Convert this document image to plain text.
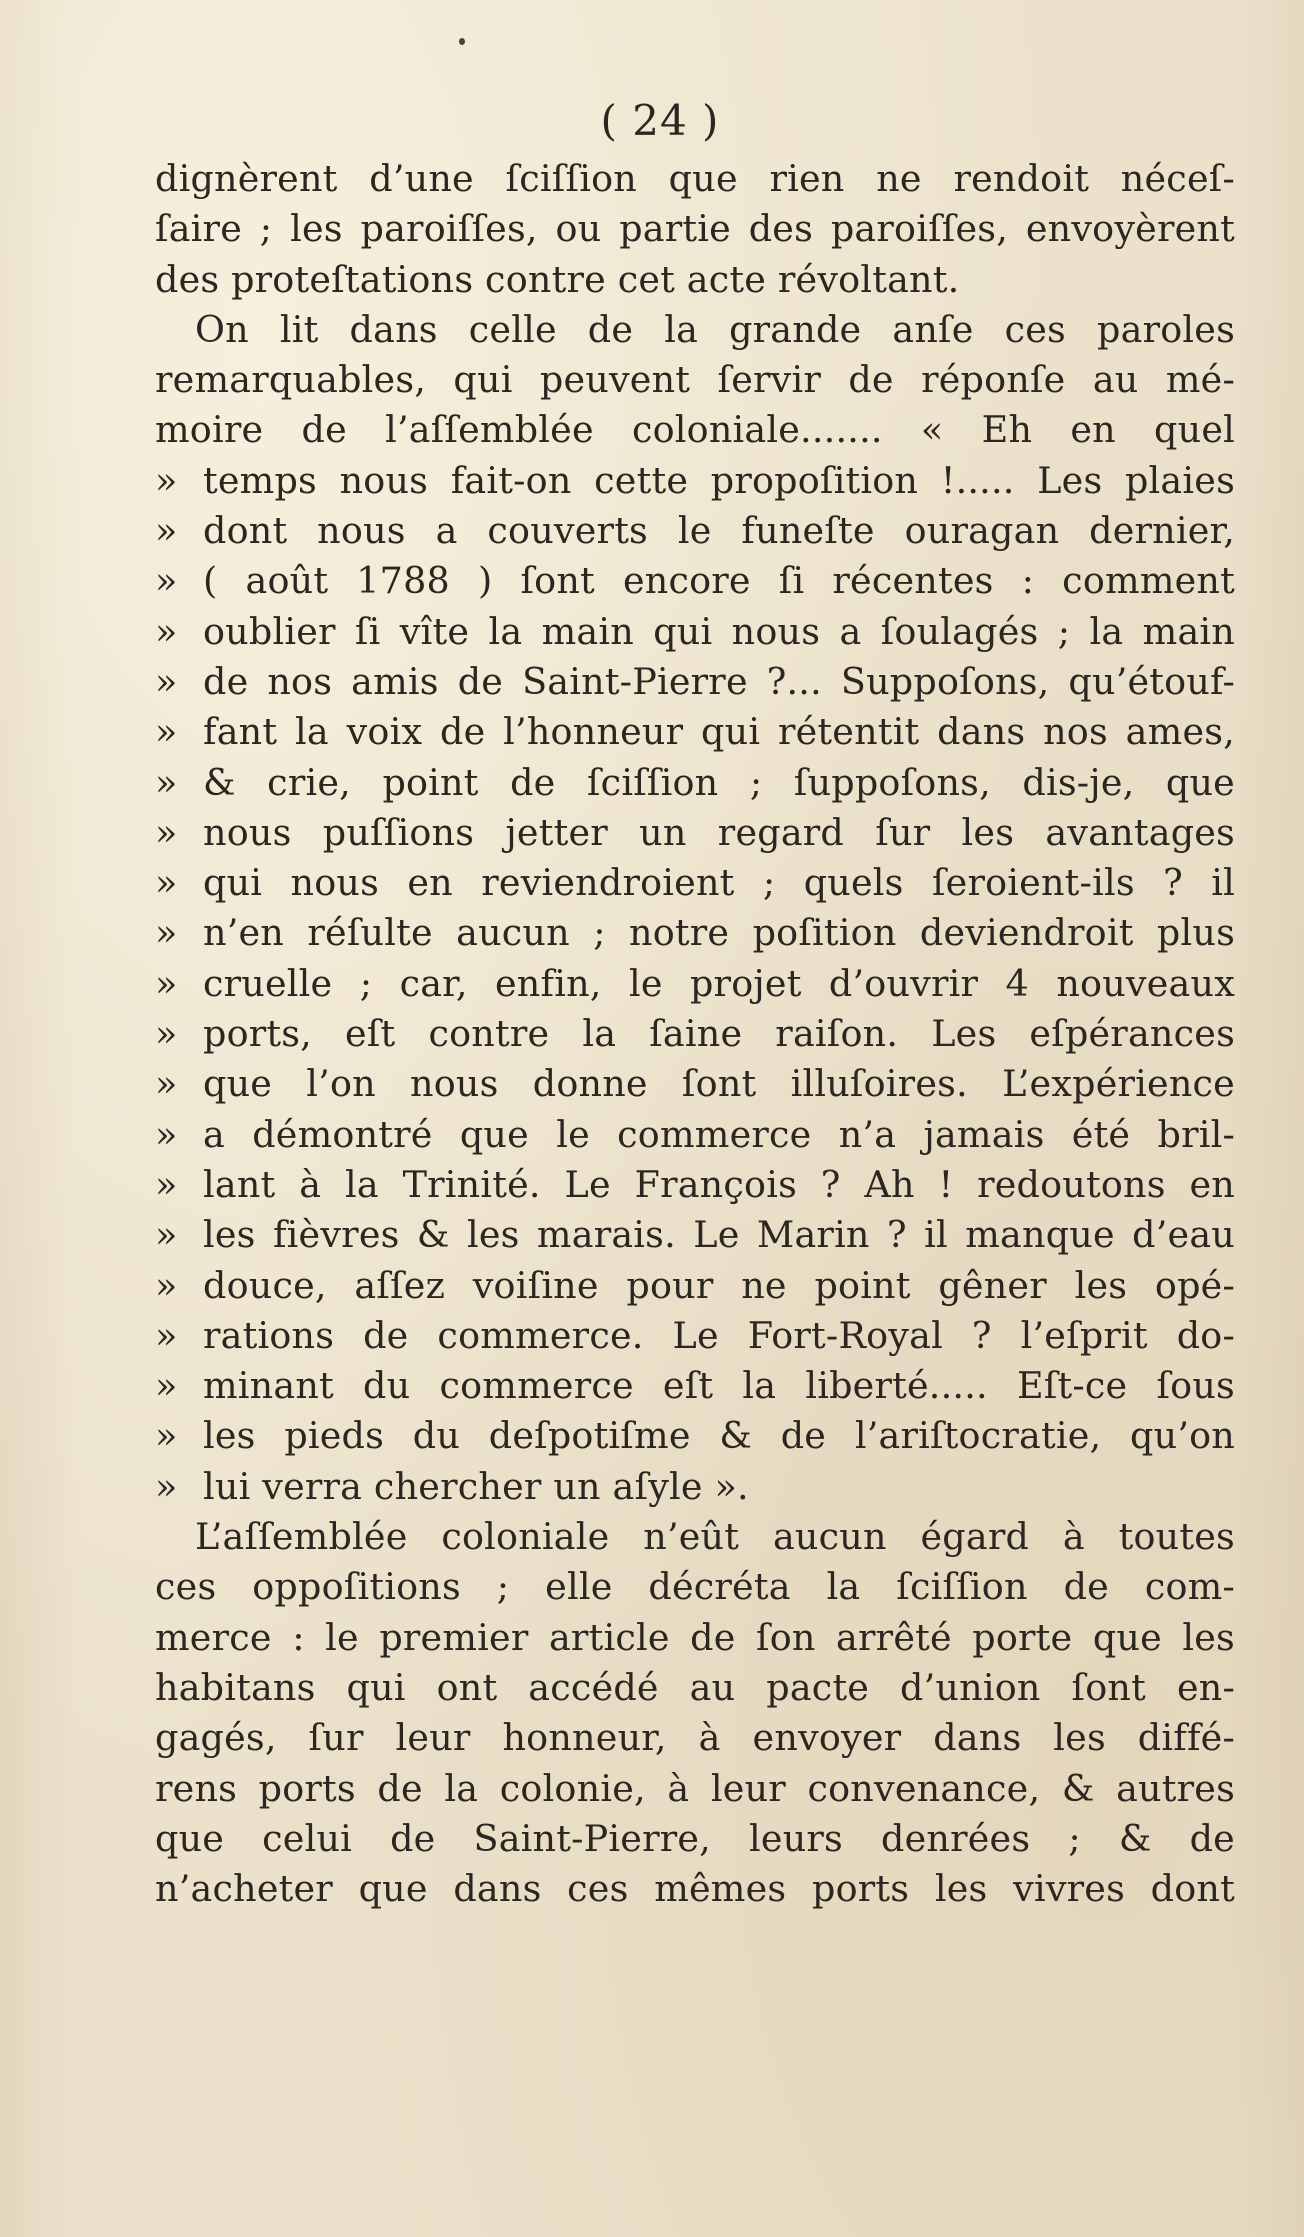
( 24 )
dignèrent d’une ſciſſion que rien ne rendoit néceſ-
ſaire ; les paroiſſes, ou partie des paroiſſes, envoyèrent
des proteſtations contre cet acte révoltant.
On lit dans celle de la grande anſe ces paroles
remarquables, qui peuvent ſervir de réponſe au mé-
moire de l’aſſemblée coloniale....... « Eh en quel
» temps nous fait-on cette propoſition !..... Les plaies
» dont nous a couverts le funeſte ouragan dernier,
» ( août 1788 ) ſont encore ſi récentes : comment
» oublier ſi vîte la main qui nous a ſoulagés ; la main
» de nos amis de Saint-Pierre ?... Suppoſons, qu’étouf-
» fant la voix de l’honneur qui rétentit dans nos ames,
» & crie, point de ſciſſion ; ſuppoſons, dis-je, que
» nous puſſions jetter un regard ſur les avantages
» qui nous en reviendroient ; quels ſeroient-ils ? il
» n’en réſulte aucun ; notre poſition deviendroit plus
» cruelle ; car, enfin, le projet d’ouvrir 4 nouveaux
» ports, eſt contre la ſaine raiſon. Les eſpérances
» que l’on nous donne ſont illuſoires. L’expérience
» a démontré que le commerce n’a jamais été bril-
» lant à la Trinité. Le François ? Ah ! redoutons en
» les fièvres & les marais. Le Marin ? il manque d’eau
» douce, aſſez voiſine pour ne point gêner les opé-
» rations de commerce. Le Fort-Royal ? l’eſprit do-
» minant du commerce eſt la liberté..... Eſt-ce ſous
» les pieds du deſpotiſme & de l’ariſtocratie, qu’on
» lui verra chercher un aſyle ».
L’aſſemblée coloniale n’eût aucun égard à toutes
ces oppoſitions ; elle décréta la ſciſſion de com-
merce : le premier article de ſon arrêté porte que les
habitans qui ont accédé au pacte d’union ſont en-
gagés, ſur leur honneur, à envoyer dans les diffé-
rens ports de la colonie, à leur convenance, & autres
que celui de Saint-Pierre, leurs denrées ; & de
n’acheter que dans ces mêmes ports les vivres dont
